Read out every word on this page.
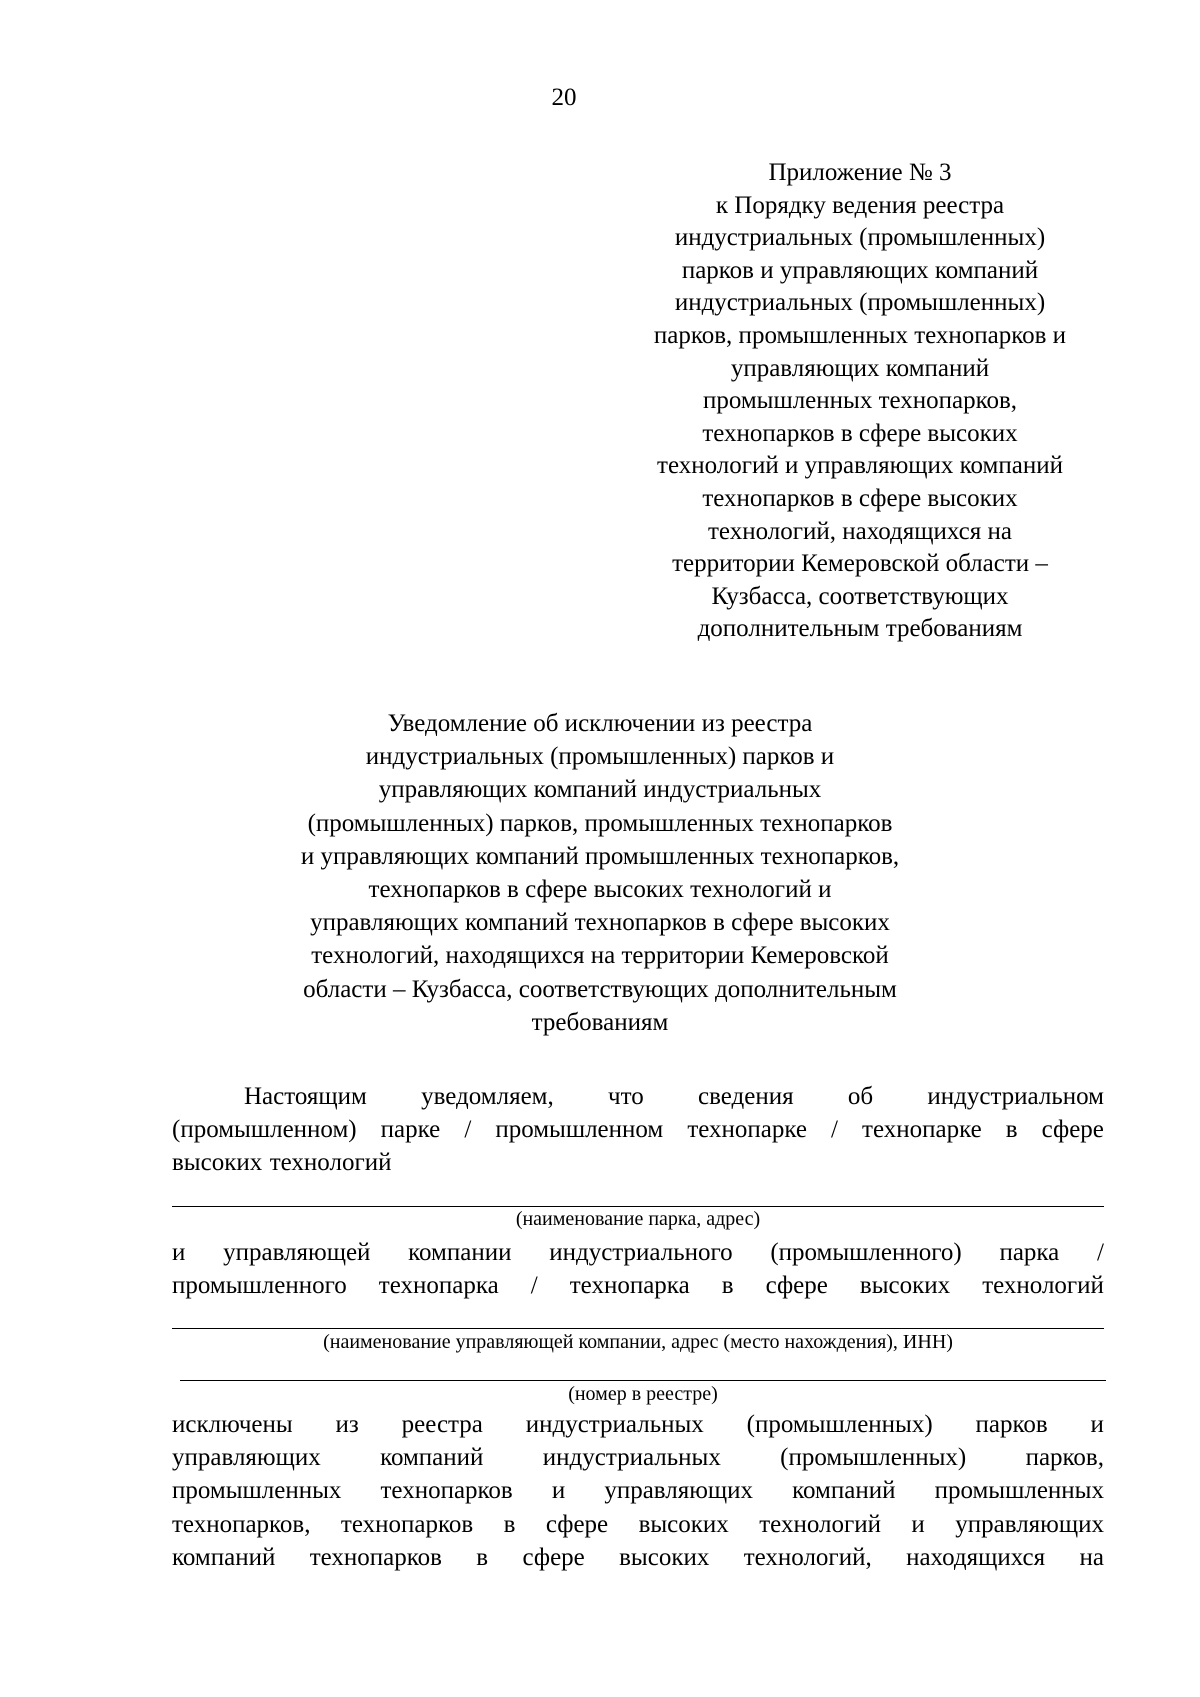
20
Приложение № 3
к Порядку ведения реестра
индустриальных (промышленных)
парков и управляющих компаний
индустриальных (промышленных)
парков, промышленных технопарков и
управляющих компаний
промышленных технопарков,
технопарков в сфере высоких
технологий и управляющих компаний
технопарков в сфере высоких
технологий, находящихся на
территории Кемеровской области –
Кузбасса, соответствующих
дополнительным требованиям
Уведомление об исключении из реестра
индустриальных (промышленных) парков и
управляющих компаний индустриальных
(промышленных) парков, промышленных технопарков
и управляющих компаний промышленных технопарков,
технопарков в сфере высоких технологий и
управляющих компаний технопарков в сфере высоких
технологий, находящихся на территории Кемеровской
области – Кузбасса, соответствующих дополнительным
требованиям
Настоящим уведомляем, что сведения об индустриальном
(промышленном) парке / промышленном технопарке / технопарке в сфере
высоких технологий
(наименование парка, адрес)
и управляющей компании индустриального (промышленного) парка /
промышленного технопарка / технопарка в сфере высоких технологий
(наименование управляющей компании, адрес (место нахождения), ИНН)
(номер в реестре)
исключены из реестра индустриальных (промышленных) парков и
управляющих компаний индустриальных (промышленных) парков,
промышленных технопарков и управляющих компаний промышленных
технопарков, технопарков в сфере высоких технологий и управляющих
компаний технопарков в сфере высоких технологий, находящихся на
